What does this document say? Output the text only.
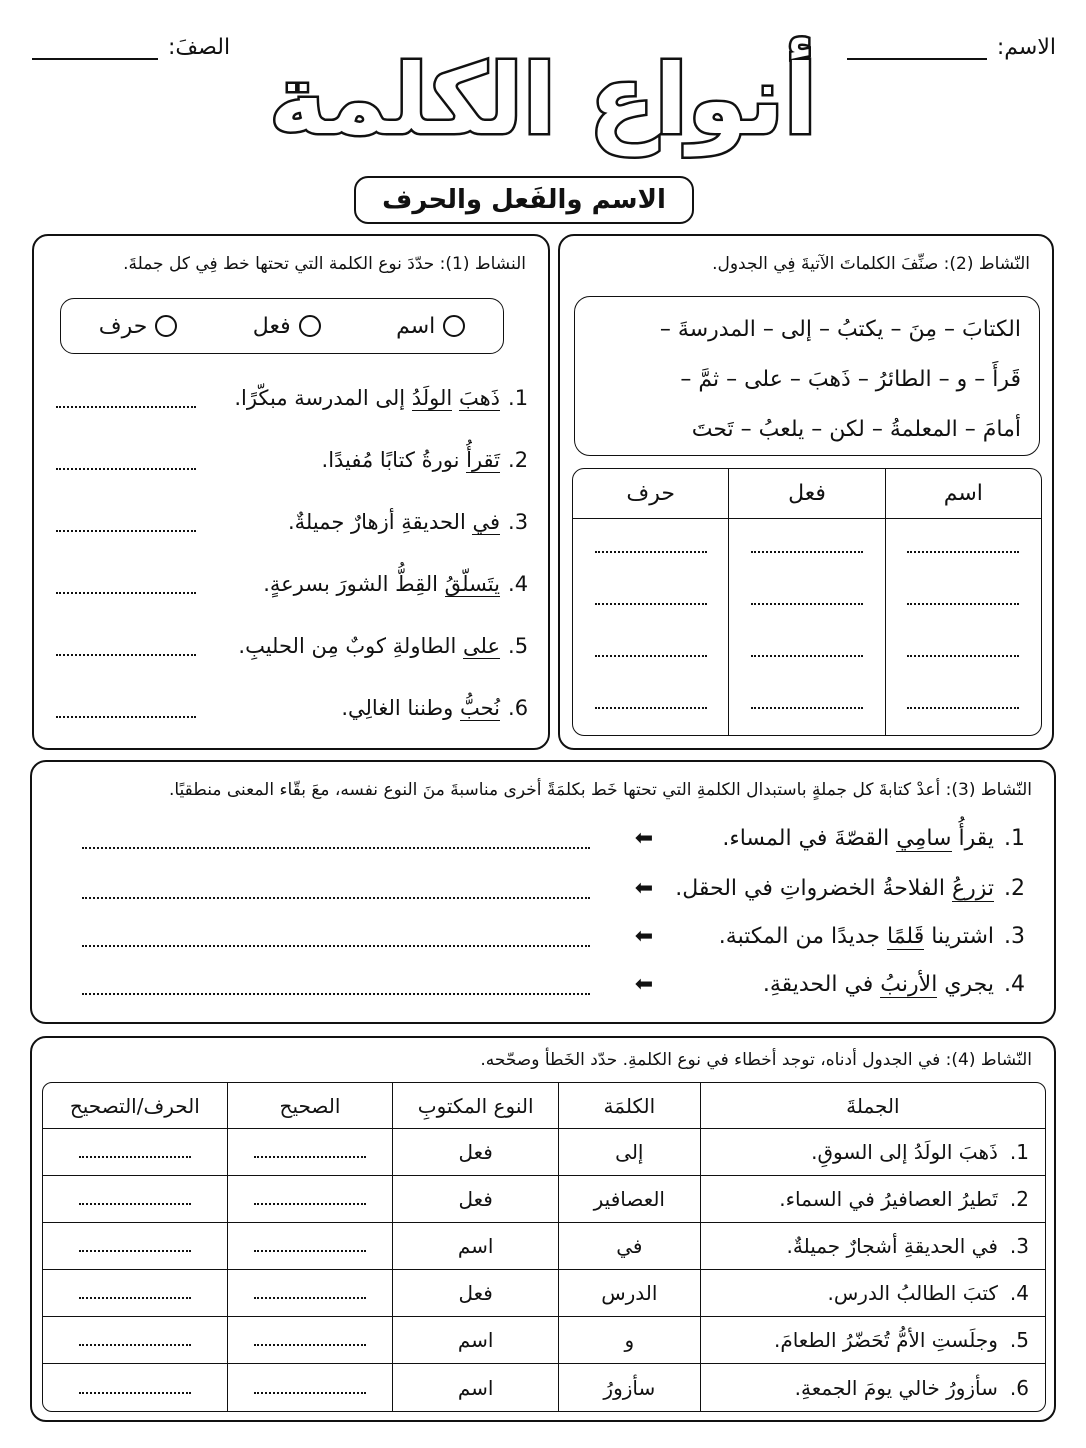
الاسم:
الصفَ: أنواع الكلمة
الاسم والفَعل والحرف
النّشاط (2): صنِّفَ الكلماتَ الآتيةَ فِي الجدول.
الكتابَ – مِنَ – يكتبُ – إلى – المدرسةَ –
قَرأَ – و – الطائرُ – ذَهبَ – على – ثمَّ –
أمامَ – المعلمةُ – لكن – يلعبُ – تَحتَ
اسم
فعل
حرف
النشاط (1): حدّدَ نوع الكلمة التي تحتها خط فِي كل جملةَ.
اسم
فعل
حرف
1.
ذَهبَ الولَدُ إلى المدرسة مبكّرًا.
2.
تَقرأُ نورةُ كتابًا مُفيدًا.
3.
في الحديقةِ أزهارٌ جميلةٌ.
4.
يتَسلّقُ القِطُّ الشورَ بسرعةٍ.
5.
على الطاولةِ كوبٌ مِن الحليبِ.
6.
نُحبُّ وطننا الغالِي.
النّشاط (3): أعدْ كتابةَ كل جملةٍ باستبدال الكلمةِ التي تحتها خَط بكلمَةً أخرى مناسبةَ منَ النوع نفسه، معَ بقّاء المعنى منطقيًا.
1.
يقرأُ سامِي القصّةَ في المساء.
⬅
2.
تزرعُ الفلاحةُ الخضرواتِ في الحقل.
⬅
3.
اشترينا قَلمًا جديدًا من المكتبة.
⬅
4.
يجري الأرنبُ في الحديقةِ.
⬅
النّشاط (4): في الجدول أدناه، توجد أخطاء في نوع الكلمةِ. حدّد الخَطأ وصحّحه.
الجملةَ
الكلمَة
النوع المكتوبِ
الصحيح
الحرف/التصحيح
1.
ذَهبَ الولَدُ إلى السوقِ.
إلى
فعل
2.
تَطيرُ العصافيرُ في السماء.
العصافير
فعل
3.
في الحديقةِ أشجارٌ جميلةٌ.
في
اسم
4.
كتبَ الطالبُ الدرس.
الدرس
فعل
5.
وجلَستِ الأمُّ تُحَضّرُ الطعامَ.
و
اسم
6.
سأزورُ خالي يومَ الجمعةِ.
سأزورُ
اسم
